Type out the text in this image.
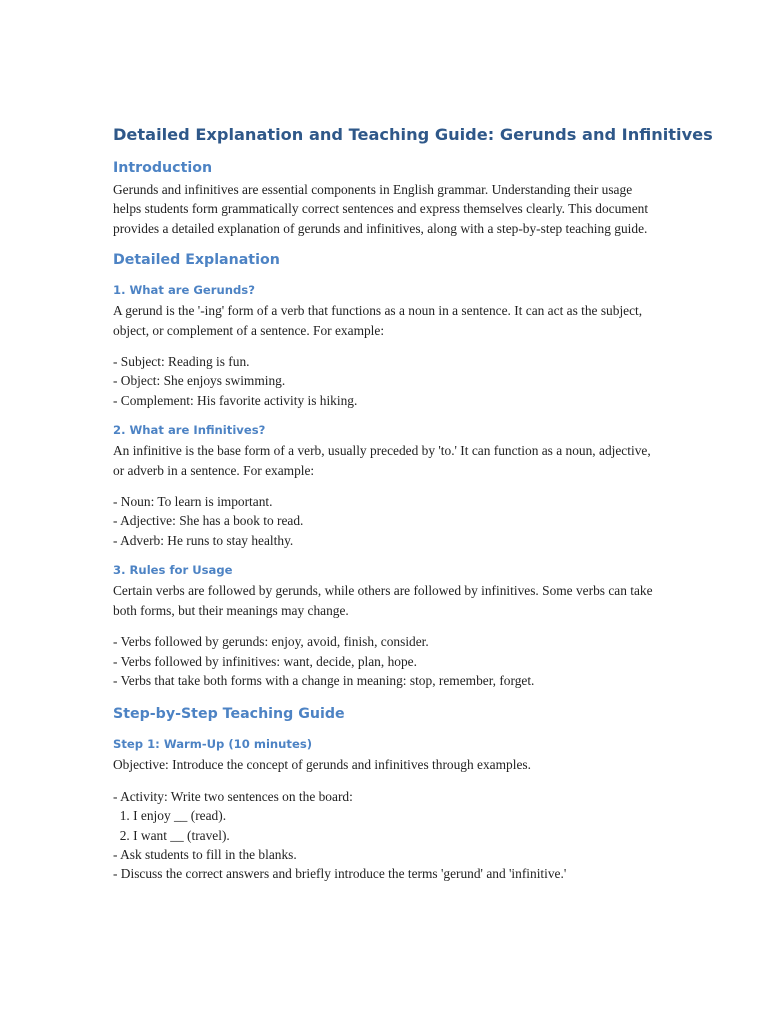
Detailed Explanation and Teaching Guide: Gerunds and Infinitives
Introduction

Gerunds and infinitives are essential components in English grammar. Understanding their usage helps students form grammatically correct sentences and express themselves clearly. This document provides a detailed explanation of gerunds and infinitives, along with a step-by-step teaching guide.

Detailed Explanation
1. What are Gerunds?

A gerund is the '-ing' form of a verb that functions as a noun in a sentence. It can act as the subject, object, or complement of a sentence. For example:

- Subject: Reading is fun.
- Object: She enjoys swimming.
- Complement: His favorite activity is hiking.
2. What are Infinitives?

An infinitive is the base form of a verb, usually preceded by 'to.' It can function as a noun, adjective, or adverb in a sentence. For example:

- Noun: To learn is important.
- Adjective: She has a book to read.
- Adverb: He runs to stay healthy.
3. Rules for Usage

Certain verbs are followed by gerunds, while others are followed by infinitives. Some verbs can take both forms, but their meanings may change.

- Verbs followed by gerunds: enjoy, avoid, finish, consider.
- Verbs followed by infinitives: want, decide, plan, hope.
- Verbs that take both forms with a change in meaning: stop, remember, forget.
Step-by-Step Teaching Guide
Step 1: Warm-Up (10 minutes)

Objective: Introduce the concept of gerunds and infinitives through examples.

- Activity: Write two sentences on the board:
1. I enjoy __ (read).
2. I want __ (travel).
- Ask students to fill in the blanks.
- Discuss the correct answers and briefly introduce the terms 'gerund' and 'infinitive.'
